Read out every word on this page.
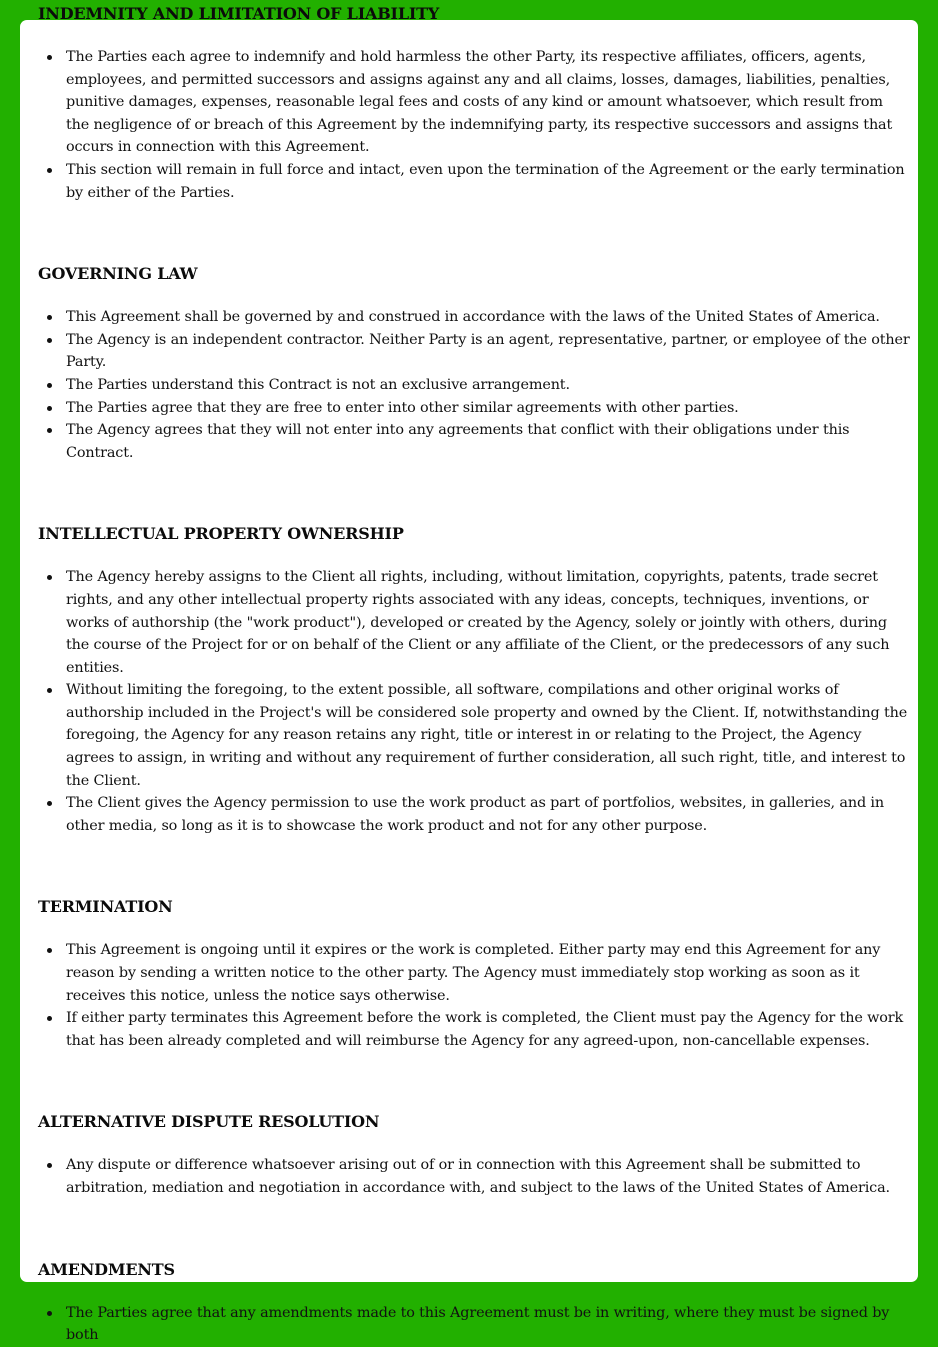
INDEMNITY AND LIMITATION OF LIABILITY
The Parties each agree to indemnify and hold harmless the other Party, its respective affiliates, officers, agents, employees, and permitted successors and assigns against any and all claims, losses, damages, liabilities, penalties, punitive damages, expenses, reasonable legal fees and costs of any kind or amount whatsoever, which result from the negligence of or breach of this Agreement by the indemnifying party, its respective successors and assigns that occurs in connection with this Agreement.
This section will remain in full force and intact, even upon the termination of the Agreement or the early termination by either of the Parties.
GOVERNING LAW
This Agreement shall be governed by and construed in accordance with the laws of the United States of America.
The Agency is an independent contractor. Neither Party is an agent, representative, partner, or employee of the other Party.
The Parties understand this Contract is not an exclusive arrangement.
The Parties agree that they are free to enter into other similar agreements with other parties.
The Agency agrees that they will not enter into any agreements that conflict with their obligations under this Contract.
INTELLECTUAL PROPERTY OWNERSHIP
The Agency hereby assigns to the Client all rights, including, without limitation, copyrights, patents, trade secret rights, and any other intellectual property rights associated with any ideas, concepts, techniques, inventions, or works of authorship (the "work product"), developed or created by the Agency, solely or jointly with others, during the course of the Project for or on behalf of the Client or any affiliate of the Client, or the predecessors of any such entities.
Without limiting the foregoing, to the extent possible, all software, compilations and other original works of authorship included in the Project's will be considered sole property and owned by the Client. If, notwithstanding the foregoing, the Agency for any reason retains any right, title or interest in or relating to the Project, the Agency agrees to assign, in writing and without any requirement of further consideration, all such right, title, and interest to the Client.
The Client gives the Agency permission to use the work product as part of portfolios, websites, in galleries, and in other media, so long as it is to showcase the work product and not for any other purpose.
TERMINATION
This Agreement is ongoing until it expires or the work is completed. Either party may end this Agreement for any reason by sending a written notice to the other party. The Agency must immediately stop working as soon as it receives this notice, unless the notice says otherwise.
If either party terminates this Agreement before the work is completed, the Client must pay the Agency for the work that has been already completed and will reimburse the Agency for any agreed-upon, non-cancellable expenses.
ALTERNATIVE DISPUTE RESOLUTION
Any dispute or difference whatsoever arising out of or in connection with this Agreement shall be submitted to arbitration, mediation and negotiation in accordance with, and subject to the laws of the United States of America.
AMENDMENTS
The Parties agree that any amendments made to this Agreement must be in writing, where they must be signed by both
